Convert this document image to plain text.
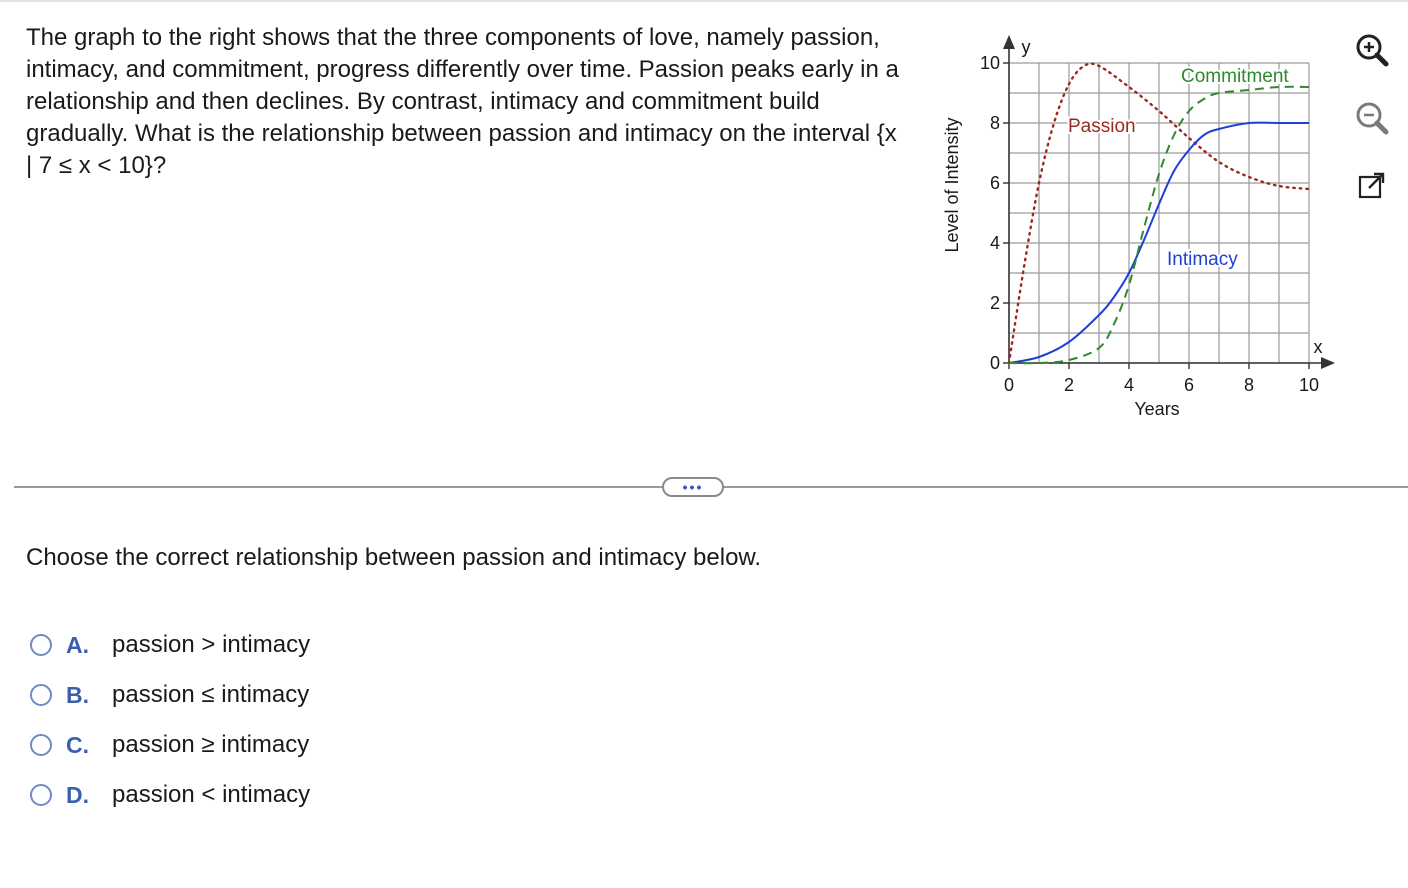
The graph to the right shows that the three components of love, namely passion, intimacy, and commitment, progress differently over time. Passion peaks early in a relationship and then declines. By contrast, intimacy and commitment build gradually. What is the relationship between passion and intimacy on the interval {x | 7 ≤ x < 10}?
0	2	4	6	8 10
0
2
4
6
8
10
Level of Intensity
Years
x
y
Passion
Commitment
Intimacy
•••
Choose the correct relationship between passion and intimacy below.
A. passion > intimacy
B. passion ≤ intimacy
C. passion ≥ intimacy
D. passion < intimacy
